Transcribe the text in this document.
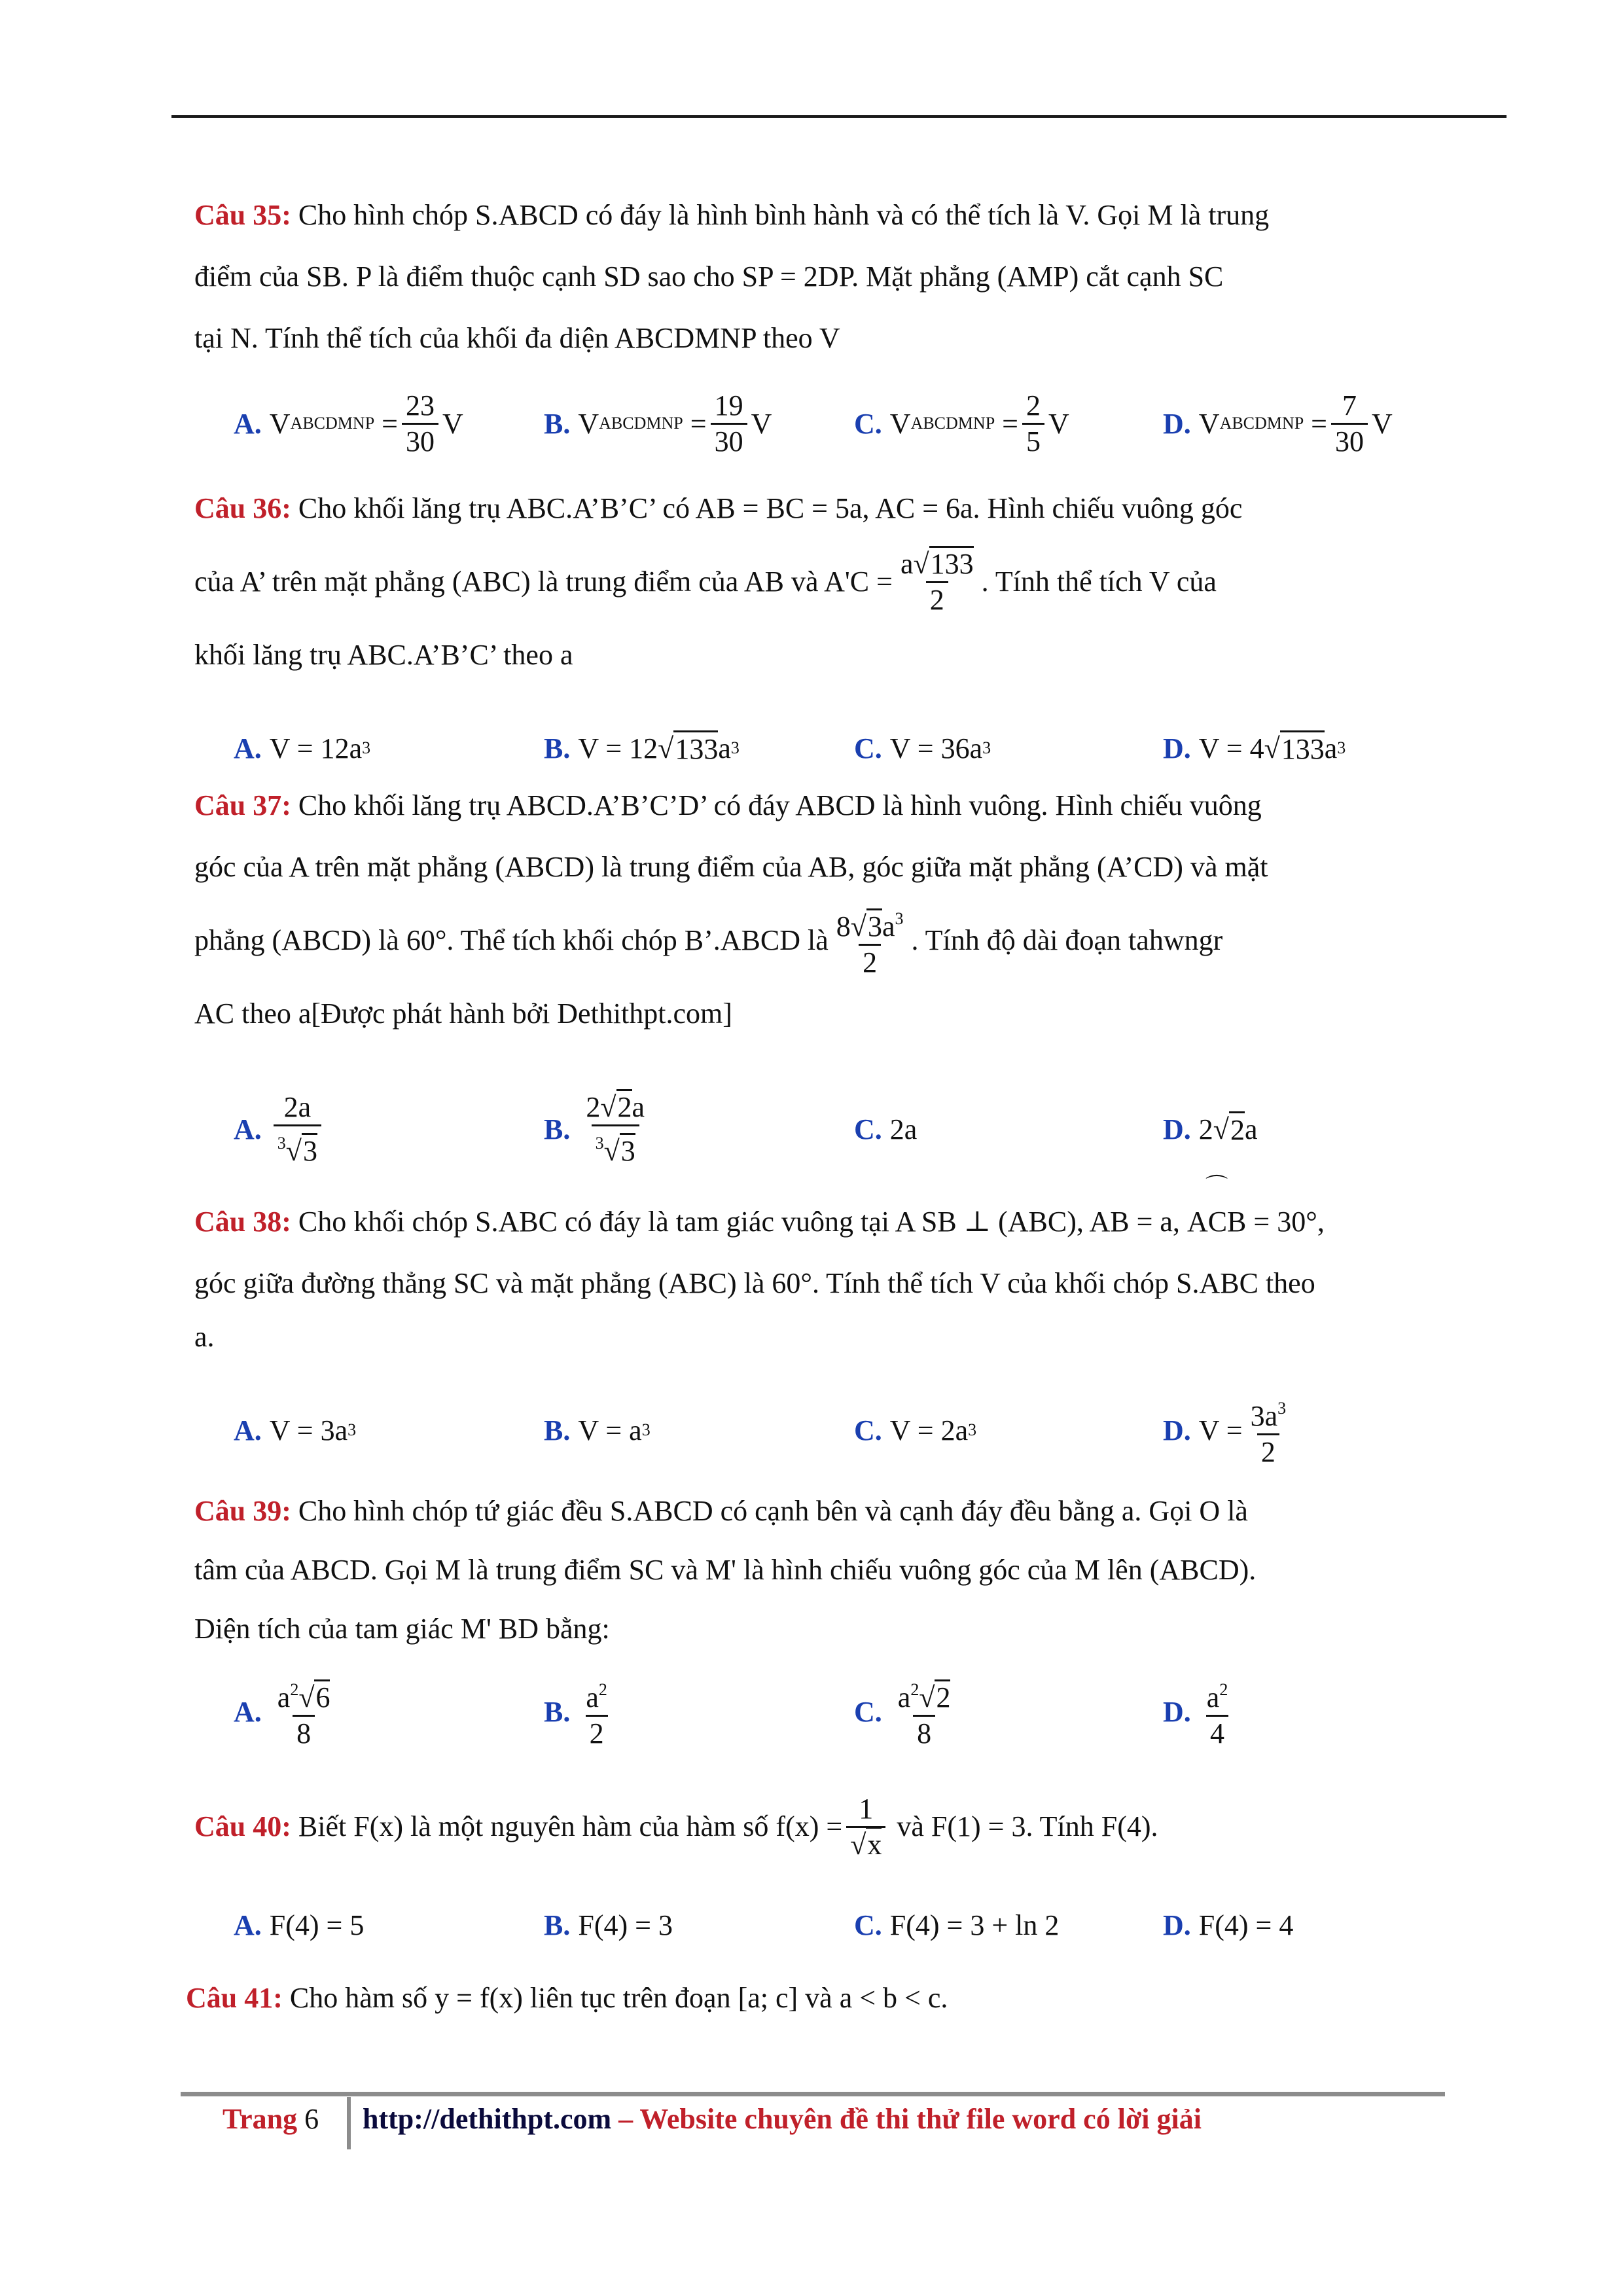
Câu 35:
Cho hình chóp S.ABCD có đáy là hình bình hành và có thể tích là V. Gọi M là trung
điểm của SB. P là điểm thuộc cạnh SD sao cho SP = 2DP. Mặt phẳng (AMP) cắt cạnh SC
tại N. Tính thể tích của khối đa diện ABCDMNP theo V
A. V ABCDMNP = $\frac{23}{30}$ V	B. V ABCDMNP = $\frac{19}{30}$ V	C. V ABCDMNP = $\frac{2}{5}$ V	D. V ABCDMNP = $\frac{7}{30}$ V
Câu 36:
Cho khối lăng trụ ABC.A’B’C’ có AB = BC = 5a, AC = 6a. Hình chiếu vuông góc
của A’ trên mặt phẳng (ABC) là trung điểm của AB và $A'C = \frac{a√133}{2}$ . Tính thể tích V của
khối lăng trụ ABC.A’B’C’ theo a
A. V = 12a 3	B. V = 12 √ 133 a 3	C. V = 36a 3	D. V = 4 √ 133 a 3
Câu 37:
Cho khối lăng trụ ABCD.A’B’C’D’ có đáy ABCD là hình vuông. Hình chiếu vuông
góc của A trên mặt phẳng (ABCD) là trung điểm của AB, góc giữa mặt phẳng (A’CD) và mặt
phẳng (ABCD) là 60°. Thể tích khối chóp B’.ABCD là $\frac{8√3a^3}{2}$ . Tính độ dài đoạn tahwngr
AC theo a[Được phát hành bởi Dethithpt.com]
A. $\frac{2a}{^3√3}$	B. $\frac{2√2a}{^3√3}$	C. 2a	D. 2 √ 2 a
Câu 38:
Cho khối chóp S.ABC có đáy là tam giác vuông tại A SB ⊥ (ABC), AB = a,

⌒
ACB
= 30°,
góc giữa đường thẳng SC và mặt phẳng (ABC) là 60°. Tính thể tích V của khối chóp S.ABC theo
a.
A. V = 3a 3	B. V = a 3	C. V = 2a 3	D. $V = \frac{3a^3}{2}$
Câu 39:
Cho hình chóp tứ giác đều S.ABCD có cạnh bên và cạnh đáy đều bằng a. Gọi O là
tâm của ABCD. Gọi M là trung điểm SC và M' là hình chiếu vuông góc của M lên (ABCD).
Diện tích của tam giác M' BD bằng:
A. $\frac{a^2√6}{8}$	B. $\frac{a^2}{2}$	C. $\frac{a^2√2}{8}$	D. $\frac{a^2}{4}$
Câu 40:
Biết F(x) là một nguyên hàm của hàm số $f(x) = \frac{1}{√x}$
và F(1) = 3. Tính F(4).
A. F(4) = 5	B. F(4) = 3	C. F(4) = 3 + ln 2	D. F(4) = 4
Câu 41:
Cho hàm số y = f(x) liên tục trên đoạn [a; c] và a < b < c.
Trang 6 http://dethithpt.com – Website chuyên đề thi thử file word có lời giải
